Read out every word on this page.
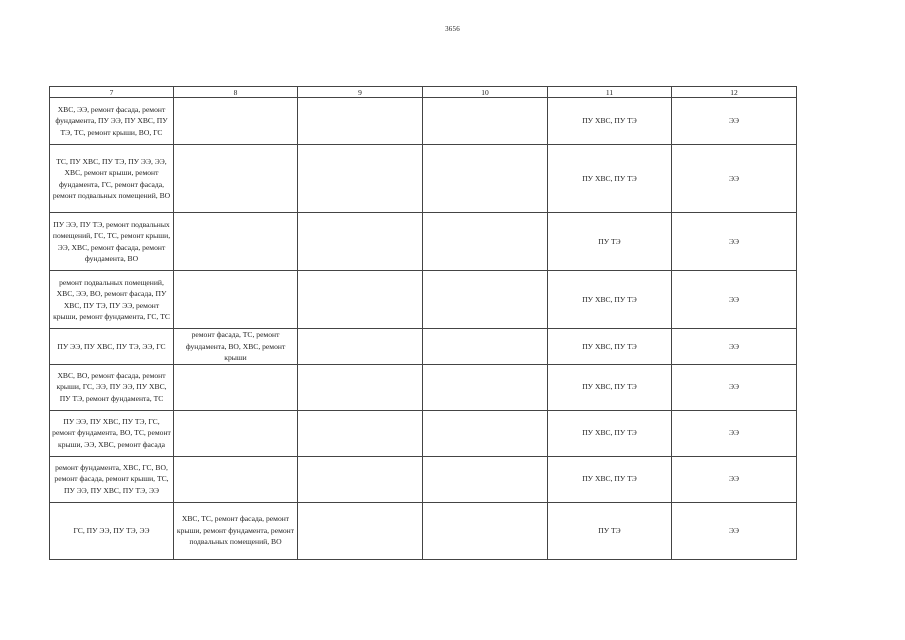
3656
7	8	9	10	11	12
ХВС, ЭЭ, ремонт фасада, ремонт фундамента, ПУ ЭЭ, ПУ ХВС, ПУ ТЭ, ТС, ремонт крыши, ВО, ГС				ПУ ХВС, ПУ ТЭ	ЭЭ
ТС, ПУ ХВС, ПУ ТЭ, ПУ ЭЭ, ЭЭ, ХВС, ремонт крыши, ремонт фундамента, ГС, ремонт фасада, ремонт подвальных помещений, ВО				ПУ ХВС, ПУ ТЭ	ЭЭ
ПУ ЭЭ, ПУ ТЭ, ремонт подвальных помещений, ГС, ТС, ремонт крыши, ЭЭ, ХВС, ремонт фасада, ремонт фундамента, ВО				ПУ ТЭ	ЭЭ
ремонт подвальных помещений, ХВС, ЭЭ, ВО, ремонт фасада, ПУ ХВС, ПУ ТЭ, ПУ ЭЭ, ремонт крыши, ремонт фундамента, ГС, ТС				ПУ ХВС, ПУ ТЭ	ЭЭ
ПУ ЭЭ, ПУ ХВС, ПУ ТЭ, ЭЭ, ГС	ремонт фасада, ТС, ремонт фундамента, ВО, ХВС, ремонт крыши			ПУ ХВС, ПУ ТЭ	ЭЭ
ХВС, ВО, ремонт фасада, ремонт крыши, ГС, ЭЭ, ПУ ЭЭ, ПУ ХВС, ПУ ТЭ, ремонт фундамента, ТС				ПУ ХВС, ПУ ТЭ	ЭЭ
ПУ ЭЭ, ПУ ХВС, ПУ ТЭ, ГС, ремонт фундамента, ВО, ТС, ремонт крыши, ЭЭ, ХВС, ремонт фасада				ПУ ХВС, ПУ ТЭ	ЭЭ
ремонт фундамента, ХВС, ГС, ВО, ремонт фасада, ремонт крыши, ТС, ПУ ЭЭ, ПУ ХВС, ПУ ТЭ, ЭЭ				ПУ ХВС, ПУ ТЭ	ЭЭ
ГС, ПУ ЭЭ, ПУ ТЭ, ЭЭ	ХВС, ТС, ремонт фасада, ремонт крыши, ремонт фундамента, ремонт подвальных помещений, ВО			ПУ ТЭ	ЭЭ
